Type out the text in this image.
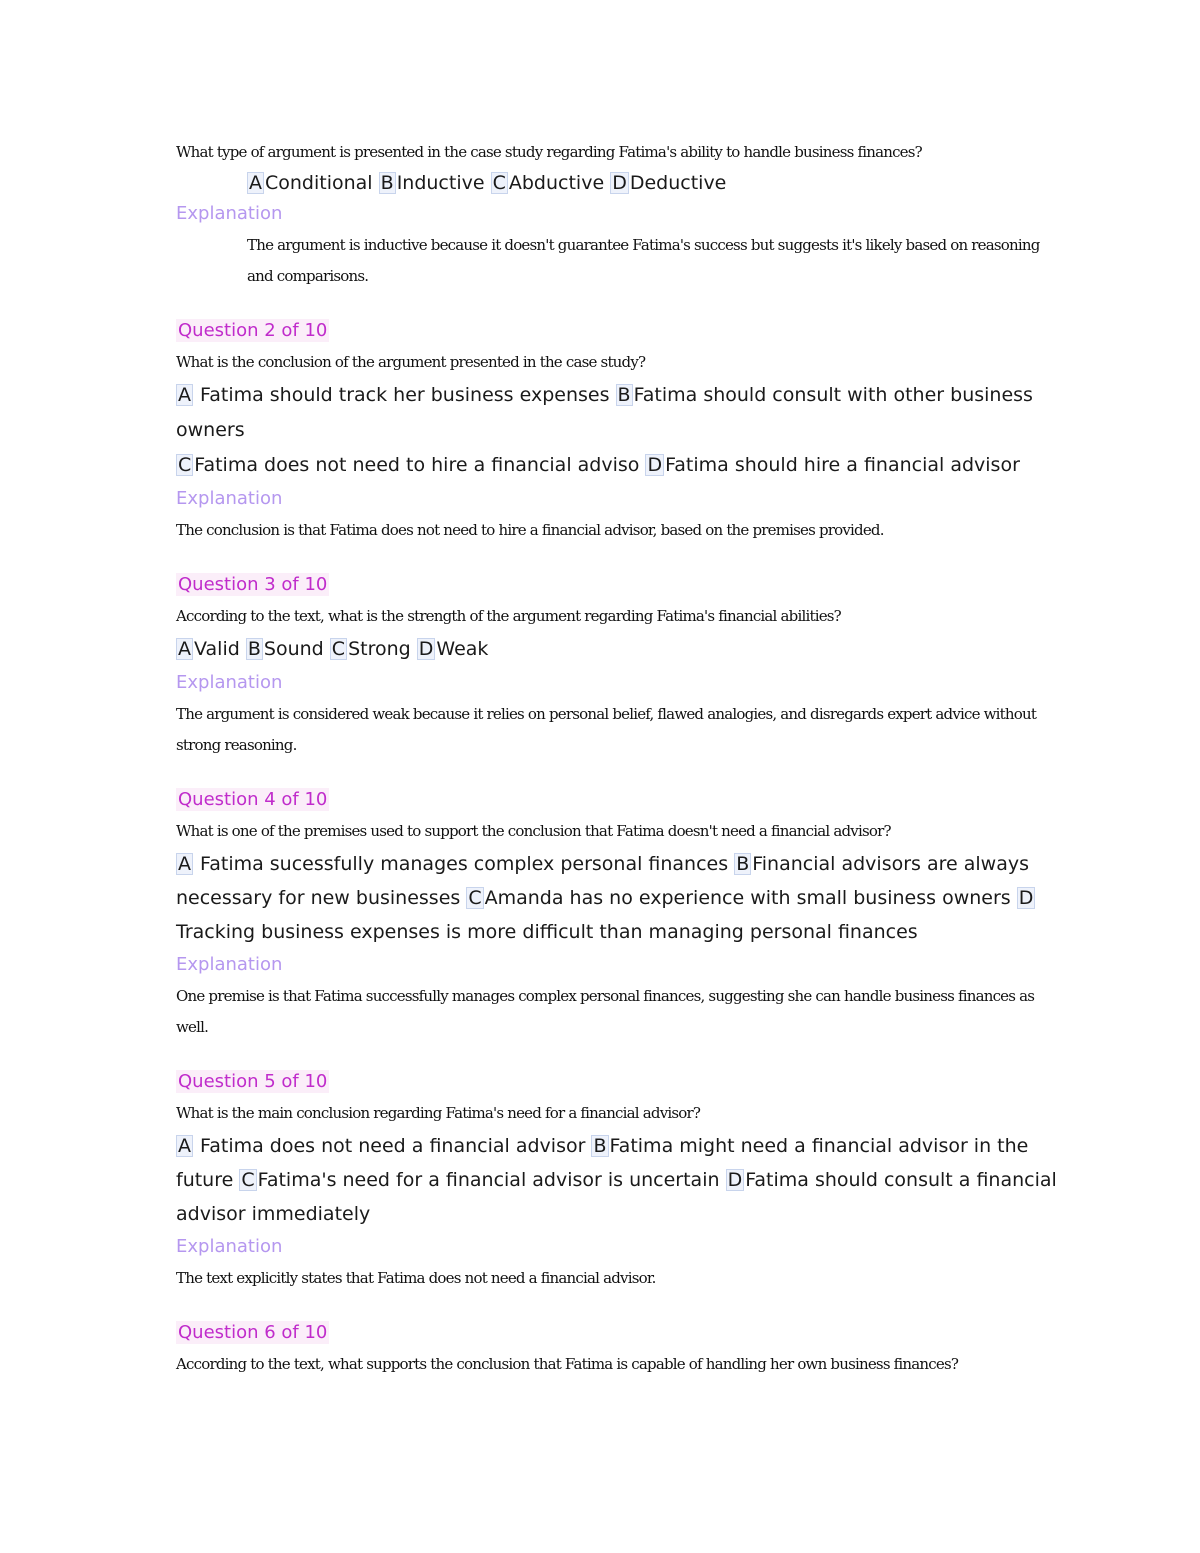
What type of argument is presented in the case study regarding Fatima's ability to handle business finances?

A Conditional B Inductive C Abductive D Deductive

Explanation

The argument is inductive because it doesn't guarantee Fatima's success but suggests it's likely based on reasoning and comparisons.

Question 2 of 10

What is the conclusion of the argument presented in the case study?

A Fatima should track her business expenses B Fatima should consult with other business owners
C Fatima does not need to hire a financial adviso D Fatima should hire a financial advisor

Explanation

The conclusion is that Fatima does not need to hire a financial advisor, based on the premises provided.

Question 3 of 10

According to the text, what is the strength of the argument regarding Fatima's financial abilities?

A Valid B Sound C Strong D Weak

Explanation

The argument is considered weak because it relies on personal belief, flawed analogies, and disregards expert advice without strong reasoning.

Question 4 of 10

What is one of the premises used to support the conclusion that Fatima doesn't need a financial advisor?

A Fatima sucessfully manages complex personal finances B Financial advisors are always necessary for new businesses C Amanda has no experience with small business owners DTracking business expenses is more difficult than managing personal finances

Explanation

One premise is that Fatima successfully manages complex personal finances, suggesting she can handle business finances as well.

Question 5 of 10

What is the main conclusion regarding Fatima's need for a financial advisor?

A Fatima does not need a financial advisor B Fatima might need a financial advisor in the future C Fatima's need for a financial advisor is uncertain D Fatima should consult a financial advisor immediately

Explanation

The text explicitly states that Fatima does not need a financial advisor.

Question 6 of 10

According to the text, what supports the conclusion that Fatima is capable of handling her own business finances?
